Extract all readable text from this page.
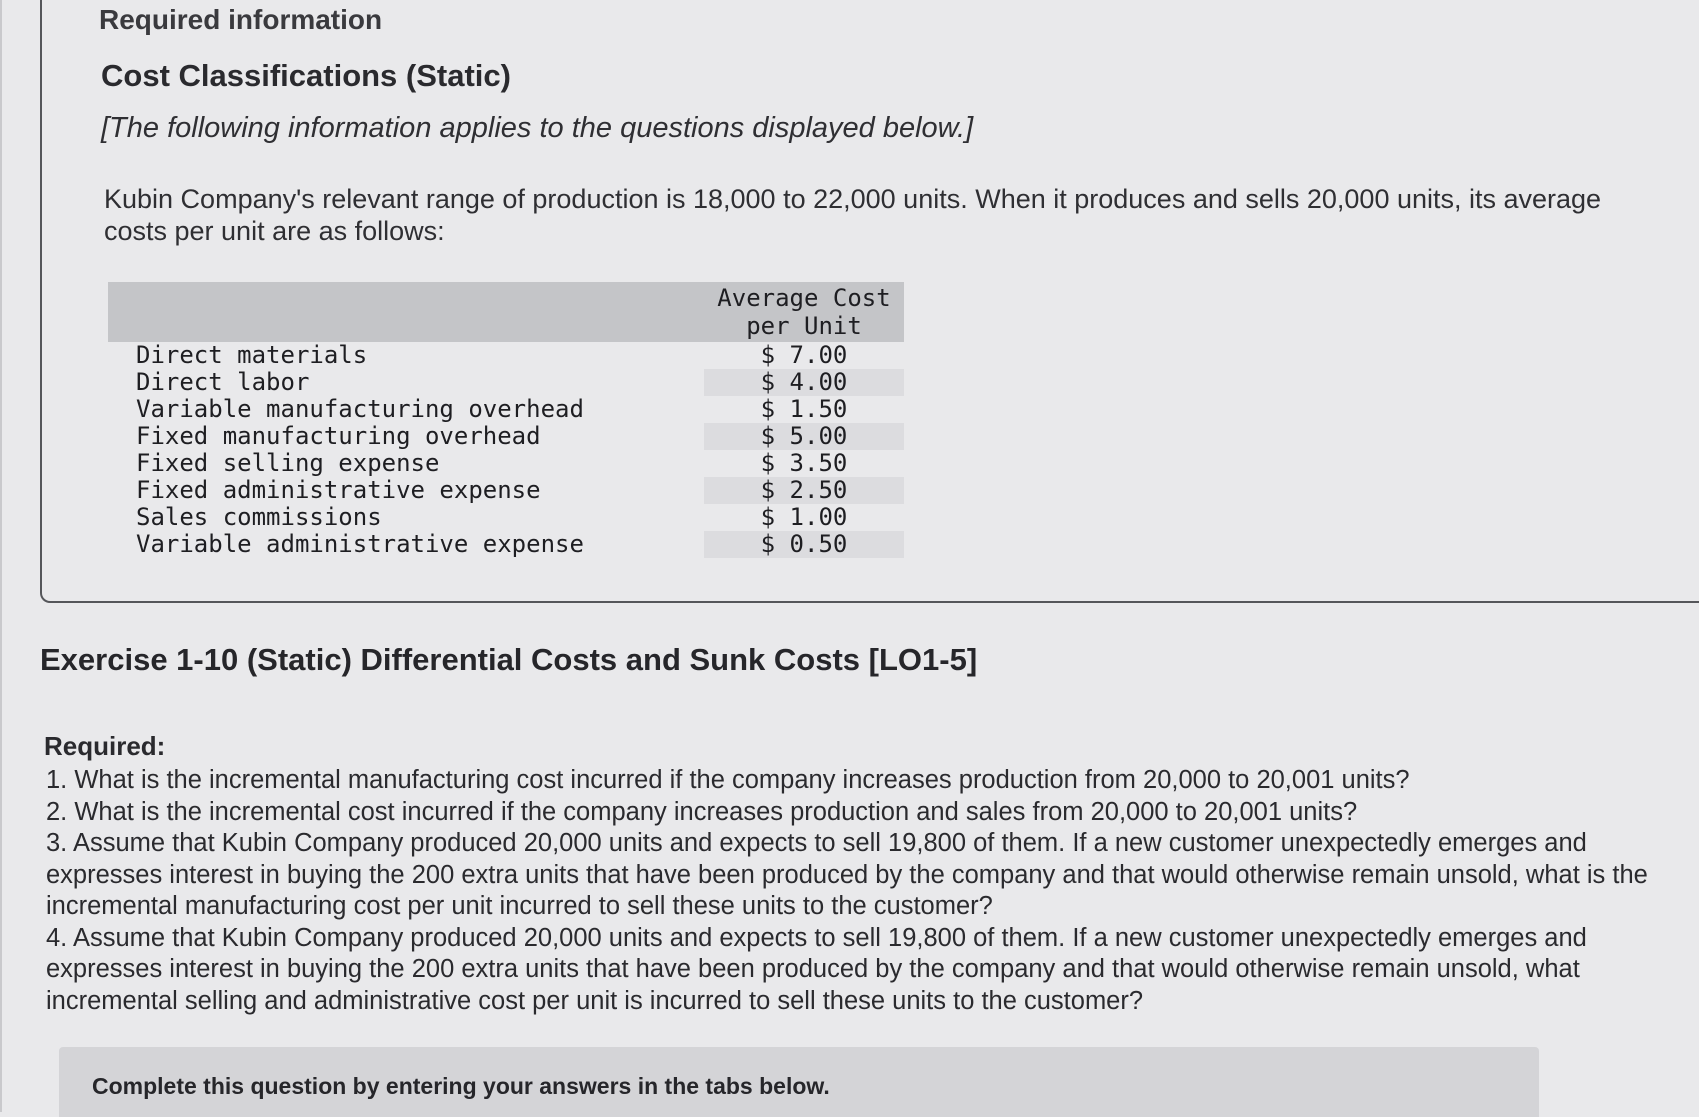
Required information
Cost Classifications (Static)
[The following information applies to the questions displayed below.]
Kubin Company's relevant range of production is 18,000 to 22,000 units. When it produces and sells 20,000 units, its average costs per unit are as follows:
Average Cost
per Unit
Direct materials	$ 7.00
Direct labor	$ 4.00
Variable manufacturing overhead	$ 1.50
Fixed manufacturing overhead	$ 5.00
Fixed selling expense	$ 3.50
Fixed administrative expense	$ 2.50
Sales commissions	$ 1.00
Variable administrative expense	$ 0.50
Exercise 1-10 (Static) Differential Costs and Sunk Costs [LO1-5]
Required:
1. What is the incremental manufacturing cost incurred if the company increases production from 20,000 to 20,001 units?
2. What is the incremental cost incurred if the company increases production and sales from 20,000 to 20,001 units?
3. Assume that Kubin Company produced 20,000 units and expects to sell 19,800 of them. If a new customer unexpectedly emerges and expresses interest in buying the 200 extra units that have been produced by the company and that would otherwise remain unsold, what is the incremental manufacturing cost per unit incurred to sell these units to the customer?
4. Assume that Kubin Company produced 20,000 units and expects to sell 19,800 of them. If a new customer unexpectedly emerges and expresses interest in buying the 200 extra units that have been produced by the company and that would otherwise remain unsold, what incremental selling and administrative cost per unit is incurred to sell these units to the customer?
Complete this question by entering your answers in the tabs below.
